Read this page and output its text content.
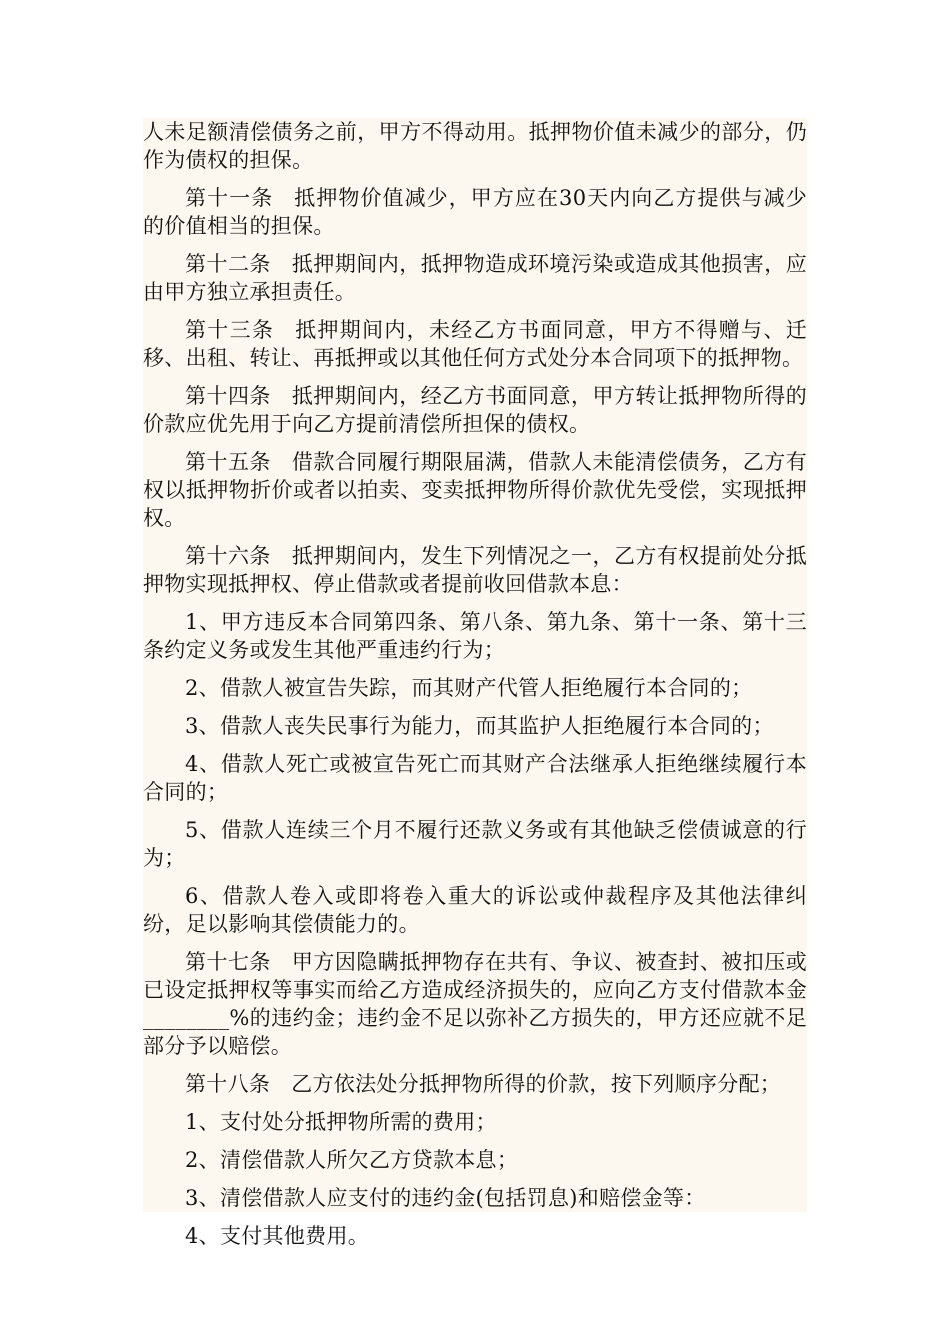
人未足额清偿债务之前，甲方不得动用。抵押物价值未减少的部分，仍作为债权的担保。

第十一条 抵押物价值减少，甲方应在30天内向乙方提供与减少的价值相当的担保。

第十二条 抵押期间内，抵押物造成环境污染或造成其他损害，应由甲方独立承担责任。

第十三条 抵押期间内，未经乙方书面同意，甲方不得赠与、迁移、出租、转让、再抵押或以其他任何方式处分本合同项下的抵押物。

第十四条 抵押期间内，经乙方书面同意，甲方转让抵押物所得的价款应优先用于向乙方提前清偿所担保的债权。

第十五条 借款合同履行期限届满，借款人未能清偿债务，乙方有权以抵押物折价或者以拍卖、变卖抵押物所得价款优先受偿，实现抵押权。

第十六条 抵押期间内，发生下列情况之一，乙方有权提前处分抵押物实现抵押权、停止借款或者提前收回借款本息：

1、甲方违反本合同第四条、第八条、第九条、第十一条、第十三条约定义务或发生其他严重违约行为；

2、借款人被宣告失踪，而其财产代管人拒绝履行本合同的；

3、借款人丧失民事行为能力，而其监护人拒绝履行本合同的；

4、借款人死亡或被宣告死亡而其财产合法继承人拒绝继续履行本合同的；

5、借款人连续三个月不履行还款义务或有其他缺乏偿债诚意的行为；

6、借款人卷入或即将卷入重大的诉讼或仲裁程序及其他法律纠纷，足以影响其偿债能力的。

第十七条 甲方因隐瞒抵押物存在共有、争议、被查封、被扣压或已设定抵押权等事实而给乙方造成经济损失的，应向乙方支付借款本金________%的违约金；违约金不足以弥补乙方损失的，甲方还应就不足部分予以赔偿。

第十八条 乙方依法处分抵押物所得的价款，按下列顺序分配；

1、支付处分抵押物所需的费用；

2、清偿借款人所欠乙方贷款本息；

3、清偿借款人应支付的违约金(包括罚息)和赔偿金等：

4、支付其他费用。
